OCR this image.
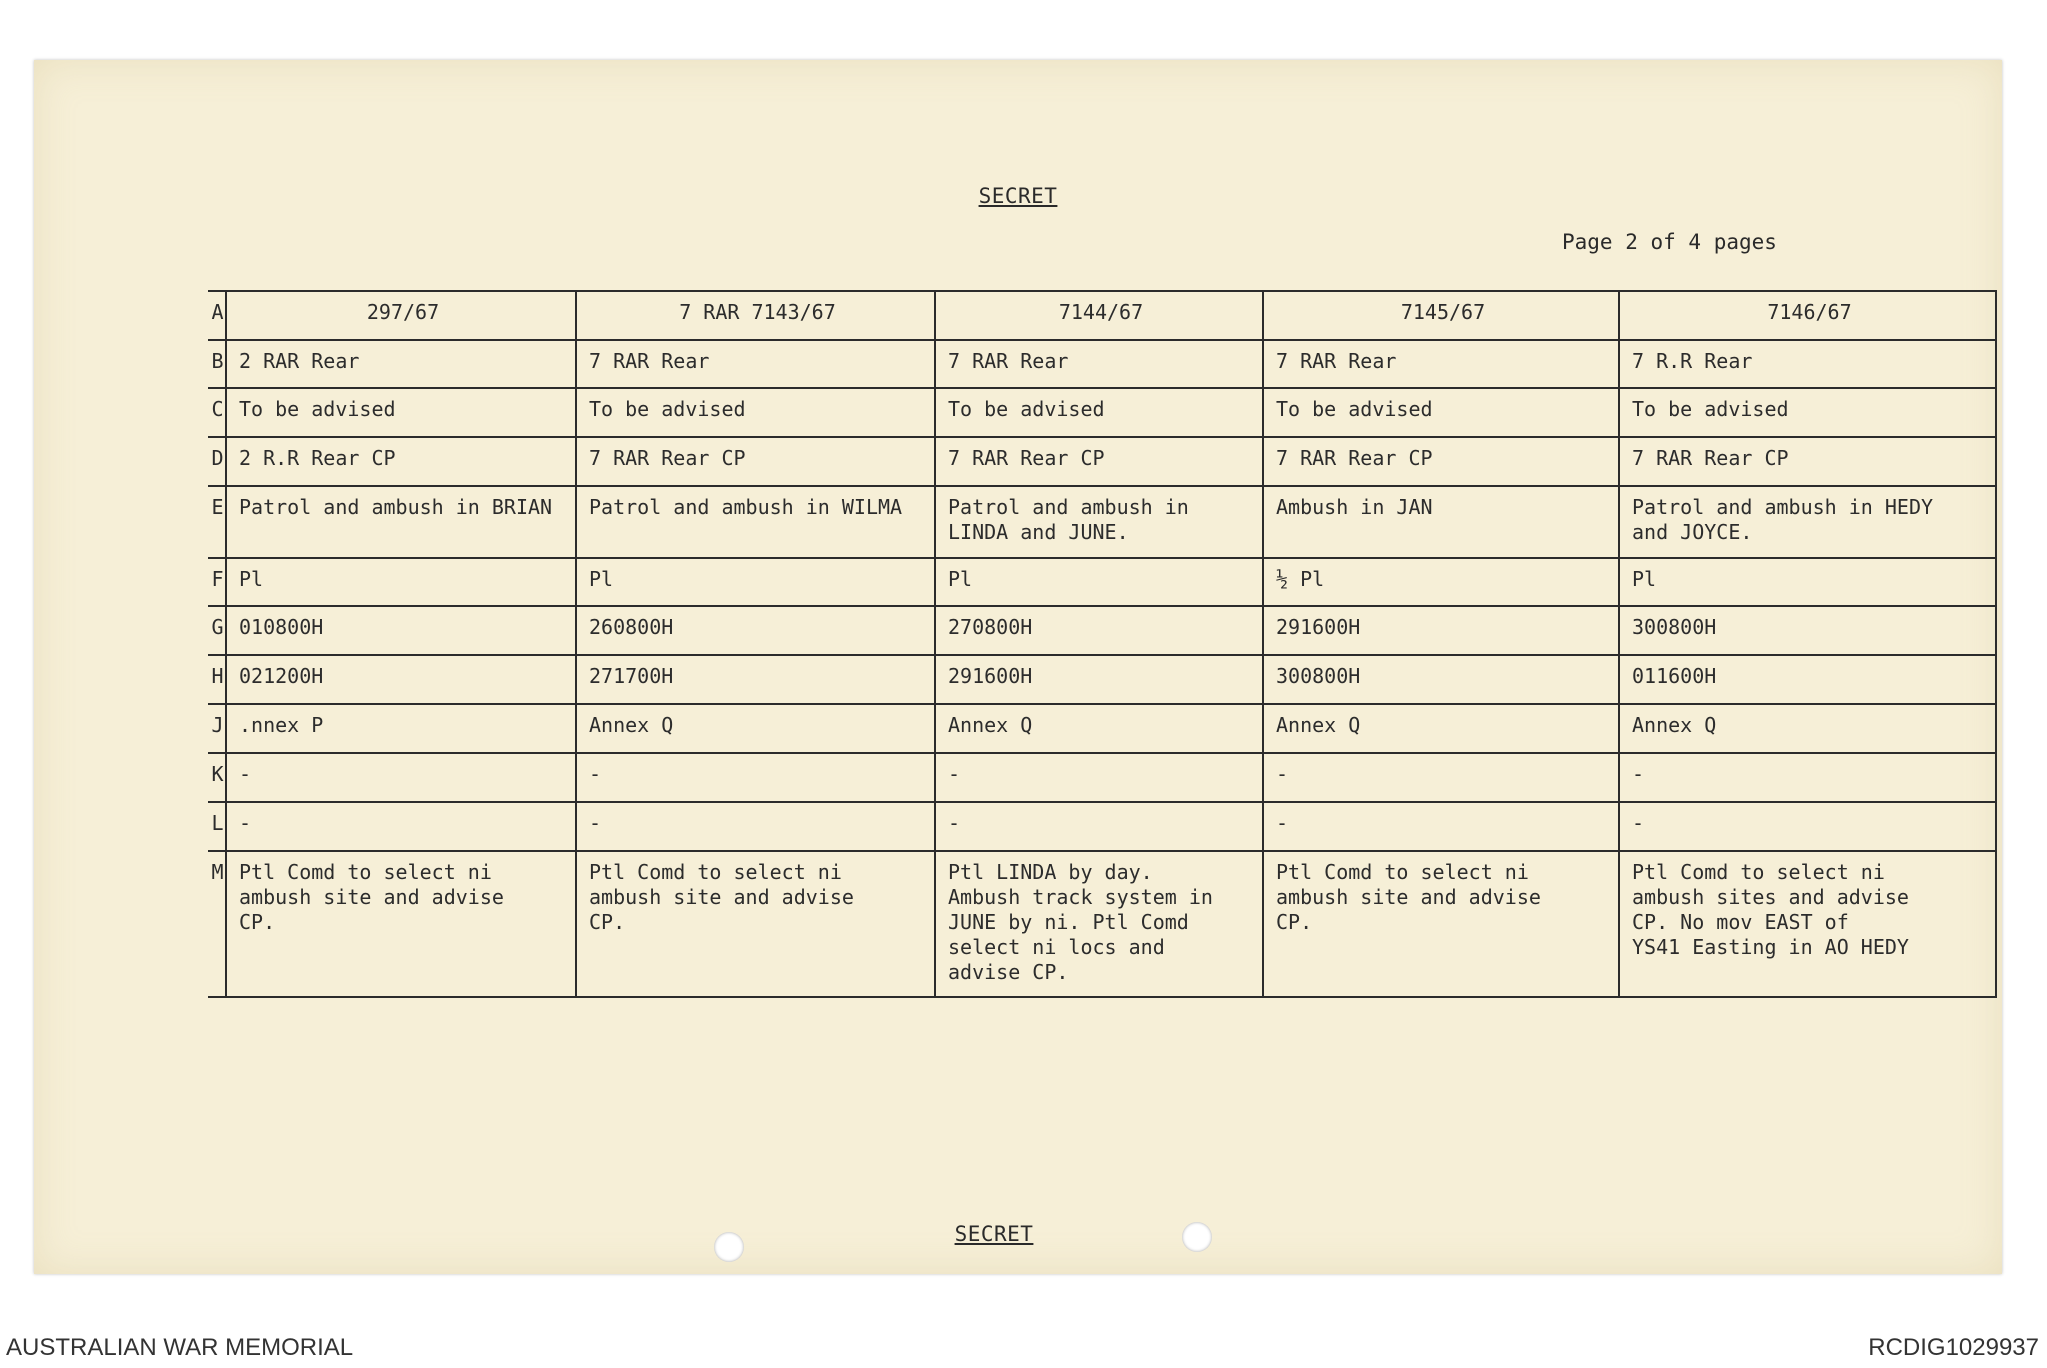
SECRET
Page 2 of 4 pages
A	297/67	7 RAR 7143/67	7144/67	7145/67	7146/67
B	2 RAR Rear	7 RAR Rear	7 RAR Rear	7 RAR Rear	7 R.R Rear
C	To be advised	To be advised	To be advised	To be advised	To be advised
D	2 R.R Rear CP	7 RAR Rear CP	7 RAR Rear CP	7 RAR Rear CP	7 RAR Rear CP
E	Patrol and ambush in BRIAN	Patrol and ambush in WILMA	Patrol and ambush in
LINDA and JUNE.	Ambush in JAN	Patrol and ambush in HEDY
and JOYCE.
F	Pl	Pl	Pl	½ Pl	Pl
G	010800H	260800H	270800H	291600H	300800H
H	021200H	271700H	291600H	300800H	011600H
J	.nnex P	Annex Q	Annex Q	Annex Q	Annex Q
K	-	-	-	-	-
L	-	-	-	-	-
M	Ptl Comd to select ni
ambush site and advise
CP.	Ptl Comd to select ni
ambush site and advise
CP.	Ptl LINDA by day.
Ambush track system in
JUNE by ni. Ptl Comd
select ni locs and
advise CP.	Ptl Comd to select ni
ambush site and advise
CP.	Ptl Comd to select ni
ambush sites and advise
CP. No mov EAST of
YS41 Easting in AO HEDY
SECRET
AUSTRALIAN WAR MEMORIAL	RCDIG1029937
